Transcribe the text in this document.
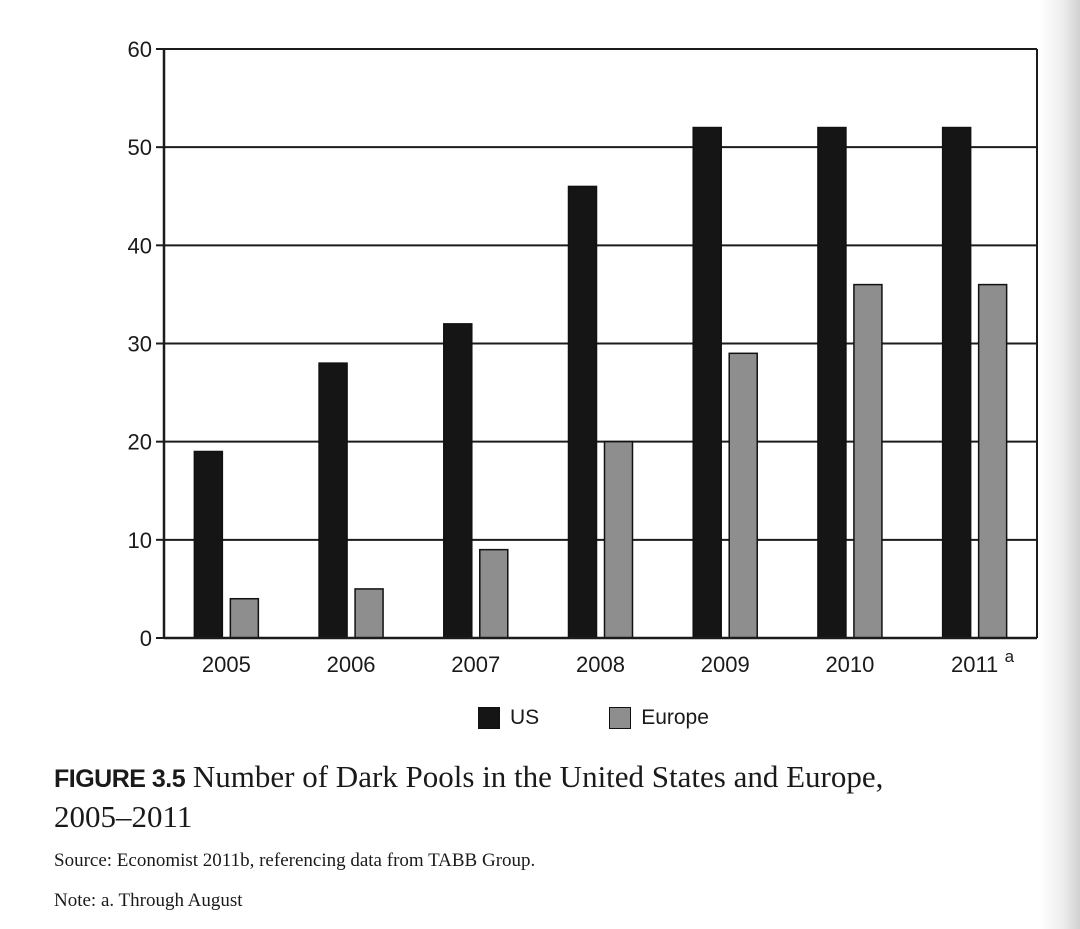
0
10
20
30
40
50
60
2005	2006	2007	2008	2009	2010	2011 a
US	Europe
FIGURE 3.5 Number of Dark Pools in the United States and Europe,
2005–2011
Source: Economist 2011b, referencing data from TABB Group.
Note: a. Through August
